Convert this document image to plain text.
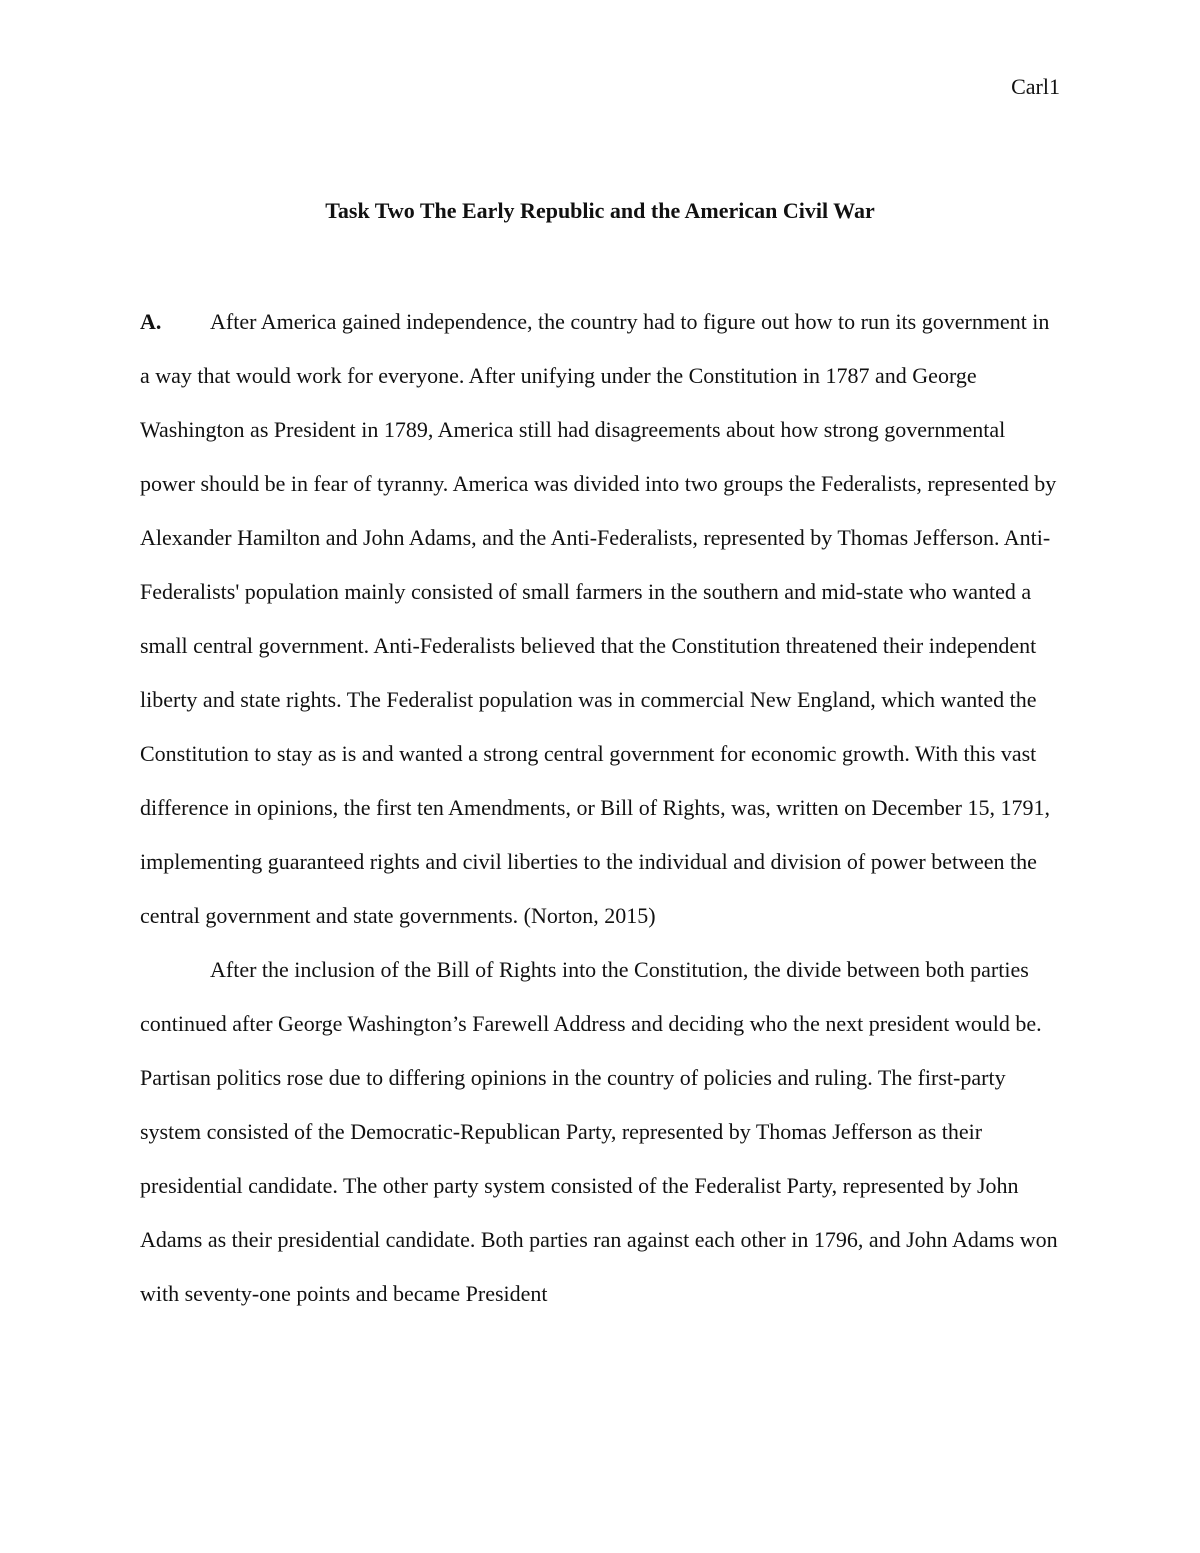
Carl1
Task Two The Early Republic and the American Civil War

A. After America gained independence, the country had to figure out how to run its government in a way that would work for everyone. After unifying under the Constitution in 1787 and George Washington as President in 1789, America still had disagreements about how strong governmental power should be in fear of tyranny. America was divided into two groups the Federalists, represented by Alexander Hamilton and John Adams, and the Anti-Federalists, represented by Thomas Jefferson. Anti-Federalists' population mainly consisted of small farmers in the southern and mid-state who wanted a small central government. Anti-Federalists believed that the Constitution threatened their independent liberty and state rights. The Federalist population was in commercial New England, which wanted the Constitution to stay as is and wanted a strong central government for economic growth. With this vast difference in opinions, the first ten Amendments, or Bill of Rights, was, written on December 15, 1791, implementing guaranteed rights and civil liberties to the individual and division of power between the central government and state governments. (Norton, 2015)

After the inclusion of the Bill of Rights into the Constitution, the divide between both parties continued after George Washington’s Farewell Address and deciding who the next president would be. Partisan politics rose due to differing opinions in the country of policies and ruling. The first-party system consisted of the Democratic-Republican Party, represented by Thomas Jefferson as their presidential candidate. The other party system consisted of the Federalist Party, represented by John Adams as their presidential candidate. Both parties ran against each other in 1796, and John Adams won with seventy-one points and became President
